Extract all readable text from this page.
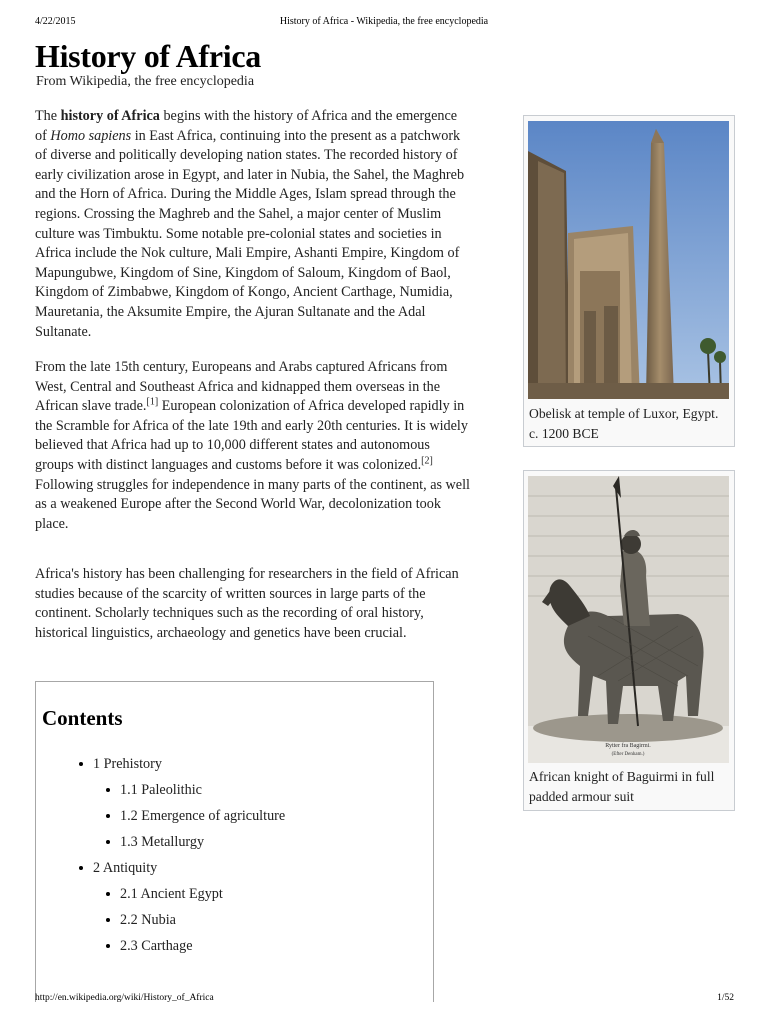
4/22/2015	History of Africa - Wikipedia, the free encyclopedia
History of Africa
From Wikipedia, the free encyclopedia

The history of Africa begins with the history of Africa and the emergence of Homo sapiens in East Africa, continuing into the present as a patchwork of diverse and politically developing nation states. The recorded history of early civilization arose in Egypt, and later in Nubia, the Sahel, the Maghreb and the Horn of Africa. During the Middle Ages, Islam spread through the regions. Crossing the Maghreb and the Sahel, a major center of Muslim culture was Timbuktu. Some notable pre-colonial states and societies in Africa include the Nok culture, Mali Empire, Ashanti Empire, Kingdom of Mapungubwe, Kingdom of Sine, Kingdom of Saloum, Kingdom of Baol, Kingdom of Zimbabwe, Kingdom of Kongo, Ancient Carthage, Numidia, Mauretania, the Aksumite Empire, the Ajuran Sultanate and the Adal Sultanate.

From the late 15th century, Europeans and Arabs captured Africans from West, Central and Southeast Africa and kidnapped them overseas in the African slave trade.[1] European colonization of Africa developed rapidly in the Scramble for Africa of the late 19th and early 20th centuries. It is widely believed that Africa had up to 10,000 different states and autonomous groups with distinct languages and customs before it was colonized.[2] Following struggles for independence in many parts of the continent, as well as a weakened Europe after the Second World War, decolonization took place.

Africa's history has been challenging for researchers in the field of African studies because of the scarcity of written sources in large parts of the continent. Scholarly techniques such as the recording of oral history, historical linguistics, archaeology and genetics have been crucial.

Contents
1 Prehistory
1.1 Paleolithic
1.2 Emergence of agriculture
1.3 Metallurgy
2 Antiquity
2.1 Ancient Egypt
2.2 Nubia
2.3 Carthage
Obelisk at temple of Luxor, Egypt. c. 1200 BCE
Rytter fra Bagirmi.
(Efter Denham.)
African knight of Baguirmi in full padded armour suit
http://en.wikipedia.org/wiki/History_of_Africa	1/52
